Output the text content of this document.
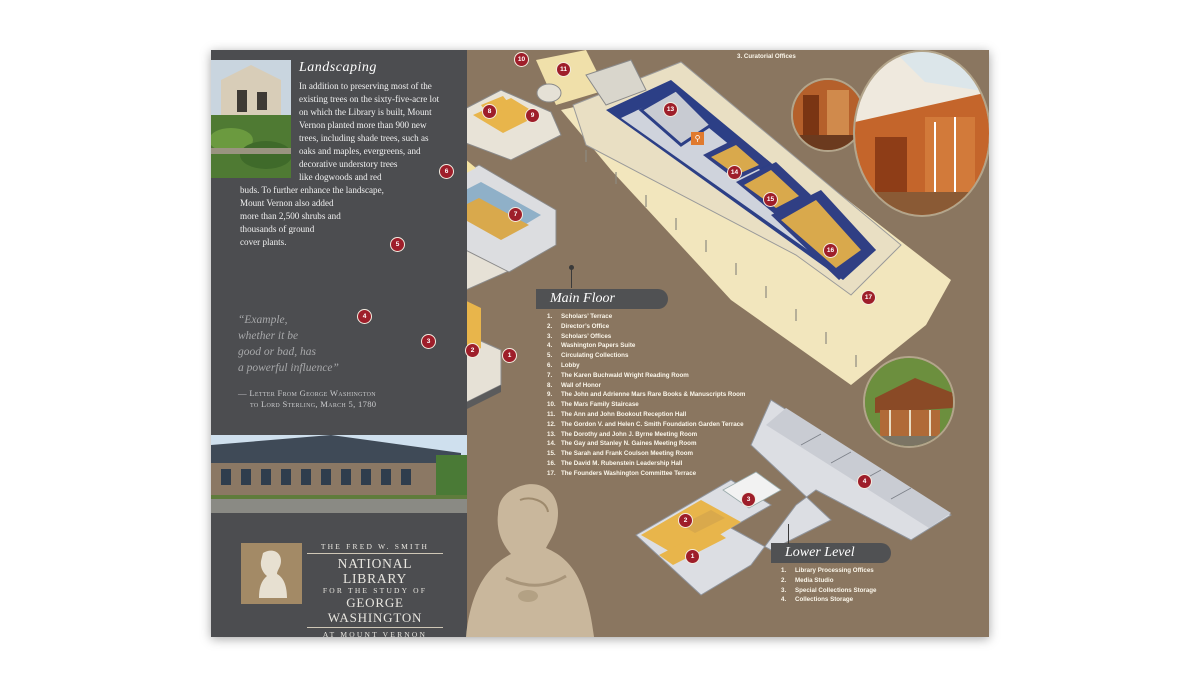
Landscaping
In addition to preserving most of the
existing trees on the sixty-five-acre lot
on which the Library is built, Mount
Vernon planted more than 900 new
trees, including shade trees, such as
oaks and maples, evergreens, and
decorative understory trees
like dogwoods and red
buds. To further enhance the landscape,
Mount Vernon also added
more than 2,500 shrubs and
thousands of ground
cover plants.
“Example,
whether it be
good or bad, has
a powerful influence”
— Letter From George Washington
to Lord Sterling, March 5, 1780
THE FRED W. SMITH
NATIONAL LIBRARY
FOR THE STUDY OF
GEORGE WASHINGTON
AT MOUNT VERNON
3. Curatorial Offices
Main Floor
1. Scholars’ Terrace
2. Director’s Office
3. Scholars’ Offices
4. Washington Papers Suite
5. Circulating Collections
6. Lobby
7. The Karen Buchwald Wright Reading Room
8. Wall of Honor
9. The John and Adrienne Mars Rare Books & Manuscripts Room
10. The Mars Family Staircase
11. The Ann and John Bookout Reception Hall
12. The Gordon V. and Helen C. Smith Foundation Garden Terrace
13. The Dorothy and John J. Byrne Meeting Room
14. The Gay and Stanley N. Gaines Meeting Room
15. The Sarah and Frank Coulson Meeting Room
16. The David M. Rubenstein Leadership Hall
17. The Founders Washington Committee Terrace
Lower Level
1. Library Processing Offices
2. Media Studio
3. Special Collections Storage
4. Collections Storage
1
2
3
4
5
6
7
8
9
10
11
13
14
15
16
17
⚲
1
2
3
4
